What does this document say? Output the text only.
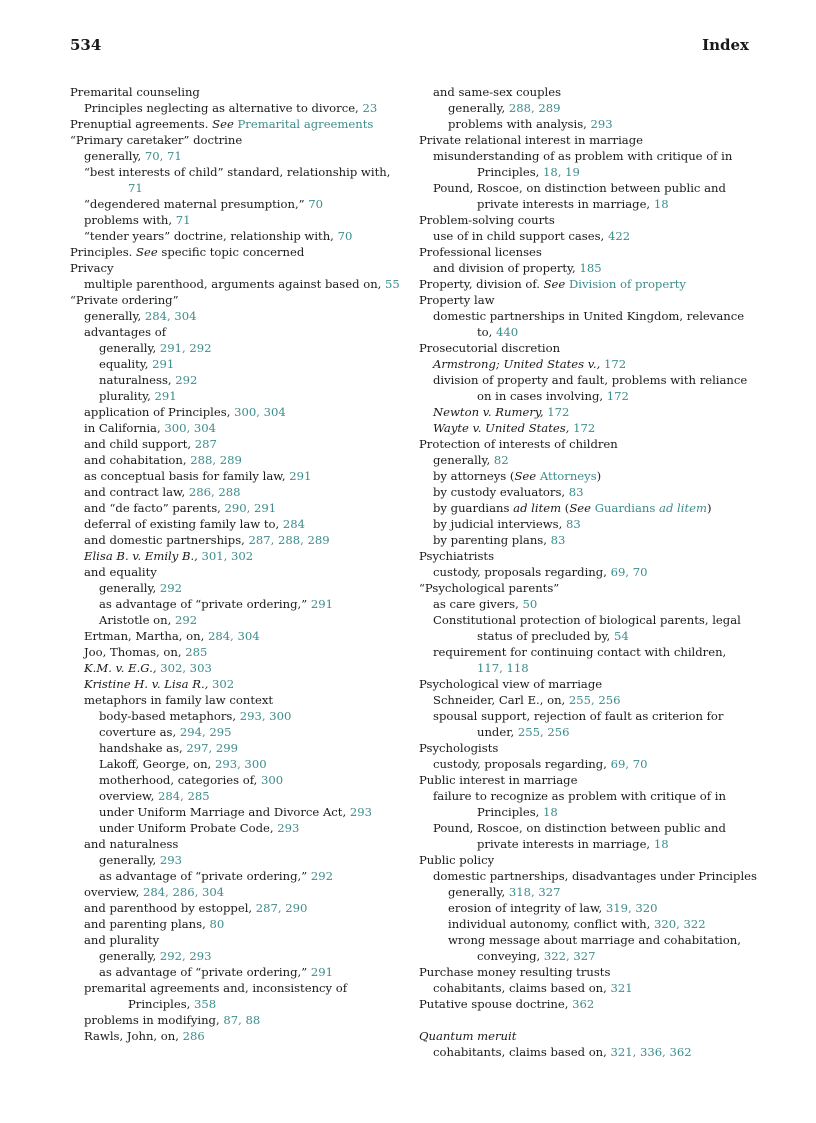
534	Index
Premarital counseling
Principles neglecting as alternative to divorce, 23
Prenuptial agreements. See Premarital agreements
“Primary caretaker” doctrine
generally, 70, 71
“best interests of child” standard, relationship with, 71
“degendered maternal presumption,” 70
problems with, 71
“tender years” doctrine, relationship with, 70
Principles. See specific topic concerned
Privacy
multiple parenthood, arguments against based on, 55
“Private ordering”
generally, 284, 304
advantages of
generally, 291, 292
equality, 291
naturalness, 292
plurality, 291
application of Principles, 300, 304
in California, 300, 304
and child support, 287
and cohabitation, 288, 289
as conceptual basis for family law, 291
and contract law, 286, 288
and “de facto” parents, 290, 291
deferral of existing family law to, 284
and domestic partnerships, 287, 288, 289
Elisa B. v. Emily B., 301, 302
and equality
generally, 292
as advantage of “private ordering,” 291
Aristotle on, 292
Ertman, Martha, on, 284, 304
Joo, Thomas, on, 285
K.M. v. E.G., 302, 303
Kristine H. v. Lisa R., 302
metaphors in family law context
body-based metaphors, 293, 300
coverture as, 294, 295
handshake as, 297, 299
Lakoff, George, on, 293, 300
motherhood, categories of, 300
overview, 284, 285
under Uniform Marriage and Divorce Act, 293
under Uniform Probate Code, 293
and naturalness
generally, 293
as advantage of “private ordering,” 292
overview, 284, 286, 304
and parenthood by estoppel, 287, 290
and parenting plans, 80
and plurality
generally, 292, 293
as advantage of “private ordering,” 291
premarital agreements and, inconsistency of Principles, 358
problems in modifying, 87, 88
Rawls, John, on, 286
and same-sex couples
generally, 288, 289
problems with analysis, 293
Private relational interest in marriage
misunderstanding of as problem with critique of in Principles, 18, 19
Pound, Roscoe, on distinction between public and private interests in marriage, 18
Problem-solving courts
use of in child support cases, 422
Professional licenses
and division of property, 185
Property, division of. See Division of property
Property law
domestic partnerships in United Kingdom, relevance to, 440
Prosecutorial discretion
Armstrong; United States v., 172
division of property and fault, problems with reliance on in cases involving, 172
Newton v. Rumery, 172
Wayte v. United States, 172
Protection of interests of children
generally, 82
by attorneys (See Attorneys)
by custody evaluators, 83
by guardians ad litem (See Guardians ad litem)
by judicial interviews, 83
by parenting plans, 83
Psychiatrists
custody, proposals regarding, 69, 70
“Psychological parents”
as care givers, 50
Constitutional protection of biological parents, legal status of precluded by, 54
requirement for continuing contact with children, 117, 118
Psychological view of marriage
Schneider, Carl E., on, 255, 256
spousal support, rejection of fault as criterion for under, 255, 256
Psychologists
custody, proposals regarding, 69, 70
Public interest in marriage
failure to recognize as problem with critique of in Principles, 18
Pound, Roscoe, on distinction between public and private interests in marriage, 18
Public policy
domestic partnerships, disadvantages under Principles
generally, 318, 327
erosion of integrity of law, 319, 320
individual autonomy, conflict with, 320, 322
wrong message about marriage and cohabitation, conveying, 322, 327
Purchase money resulting trusts
cohabitants, claims based on, 321
Putative spouse doctrine, 362
Quantum meruit
cohabitants, claims based on, 321, 336, 362
